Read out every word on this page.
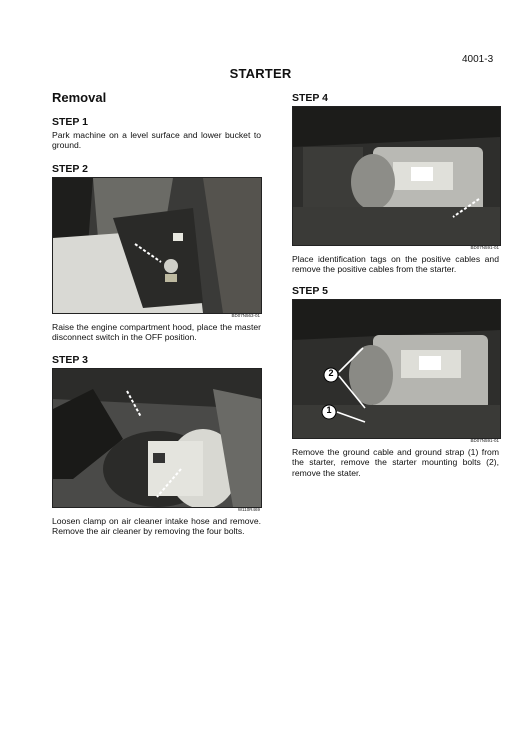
4001-3
STARTER
Removal
STEP 1
Park machine on a level surface and lower bucket to ground.
STEP 2
BD07N563-01
Raise the engine compartment hood, place the master disconnect switch in the OFF position.
STEP 3
W110R469
Loosen clamp on air cleaner intake hose and remove. Remove the air cleaner by removing the four bolts.
STEP 4
BD07N591-01
Place identification tags on the positive cables and remove the positive cables from the starter.
STEP 5
2
1
BD07N591-01
Remove the ground cable and ground strap (1) from the starter, remove the starter mounting bolts (2), remove the stater.
